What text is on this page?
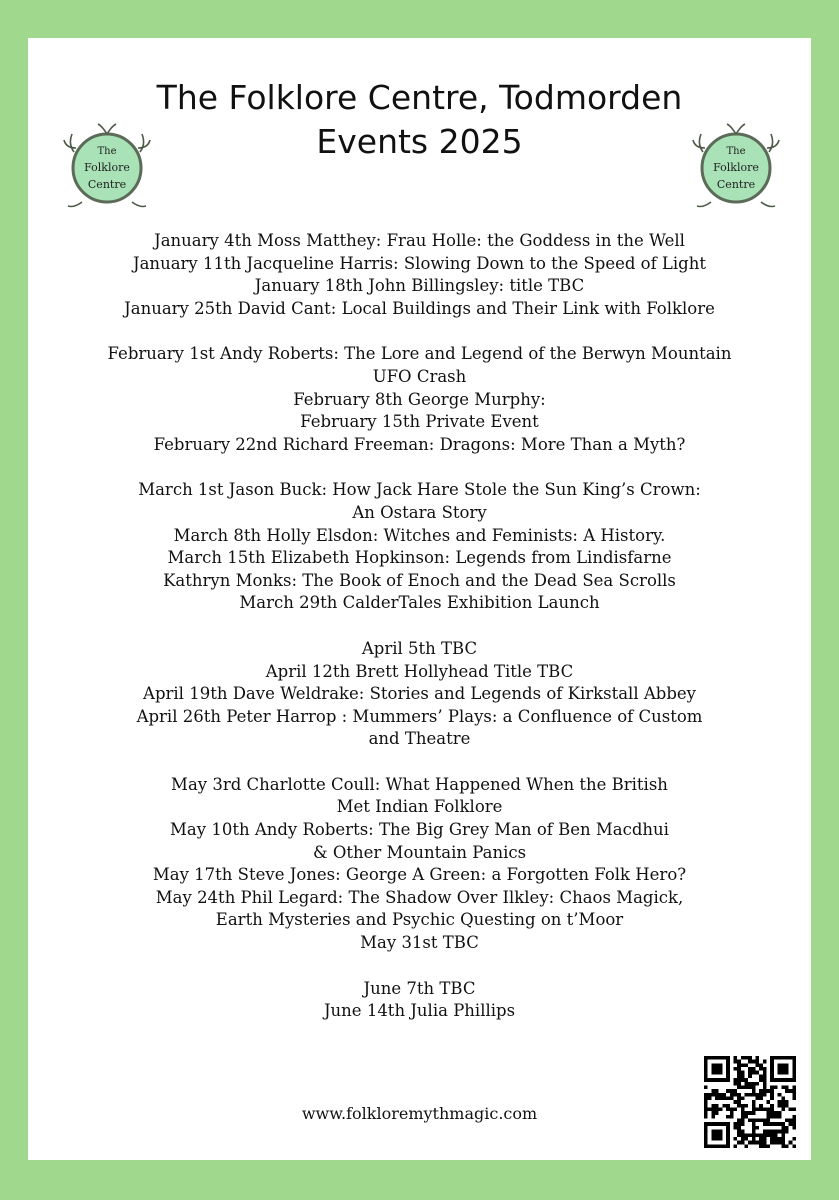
The Folklore Centre, Todmorden
Events 2025
The
Folklore
Centre
The
Folklore
Centre
January 4th Moss Matthey: Frau Holle: the Goddess in the Well
January 11th Jacqueline Harris: Slowing Down to the Speed of Light
January 18th John Billingsley: title TBC
January 25th David Cant: Local Buildings and Their Link with Folklore
February 1st Andy Roberts: The Lore and Legend of the Berwyn Mountain
UFO Crash
February 8th George Murphy:
February 15th Private Event
February 22nd Richard Freeman: Dragons: More Than a Myth?
March 1st Jason Buck: How Jack Hare Stole the Sun King’s Crown:
An Ostara Story
March 8th Holly Elsdon: Witches and Feminists: A History.
March 15th Elizabeth Hopkinson: Legends from Lindisfarne
Kathryn Monks: The Book of Enoch and the Dead Sea Scrolls
March 29th CalderTales Exhibition Launch
April 5th TBC
April 12th Brett Hollyhead Title TBC
April 19th Dave Weldrake: Stories and Legends of Kirkstall Abbey
April 26th Peter Harrop : Mummers’ Plays: a Confluence of Custom
and Theatre
May 3rd Charlotte Coull: What Happened When the British
Met Indian Folklore
May 10th Andy Roberts: The Big Grey Man of Ben Macdhui
& Other Mountain Panics
May 17th Steve Jones: George A Green: a Forgotten Folk Hero?
May 24th Phil Legard: The Shadow Over Ilkley: Chaos Magick,
Earth Mysteries and Psychic Questing on t’Moor
May 31st TBC
June 7th TBC
June 14th Julia Phillips
www.folkloremythmagic.com
